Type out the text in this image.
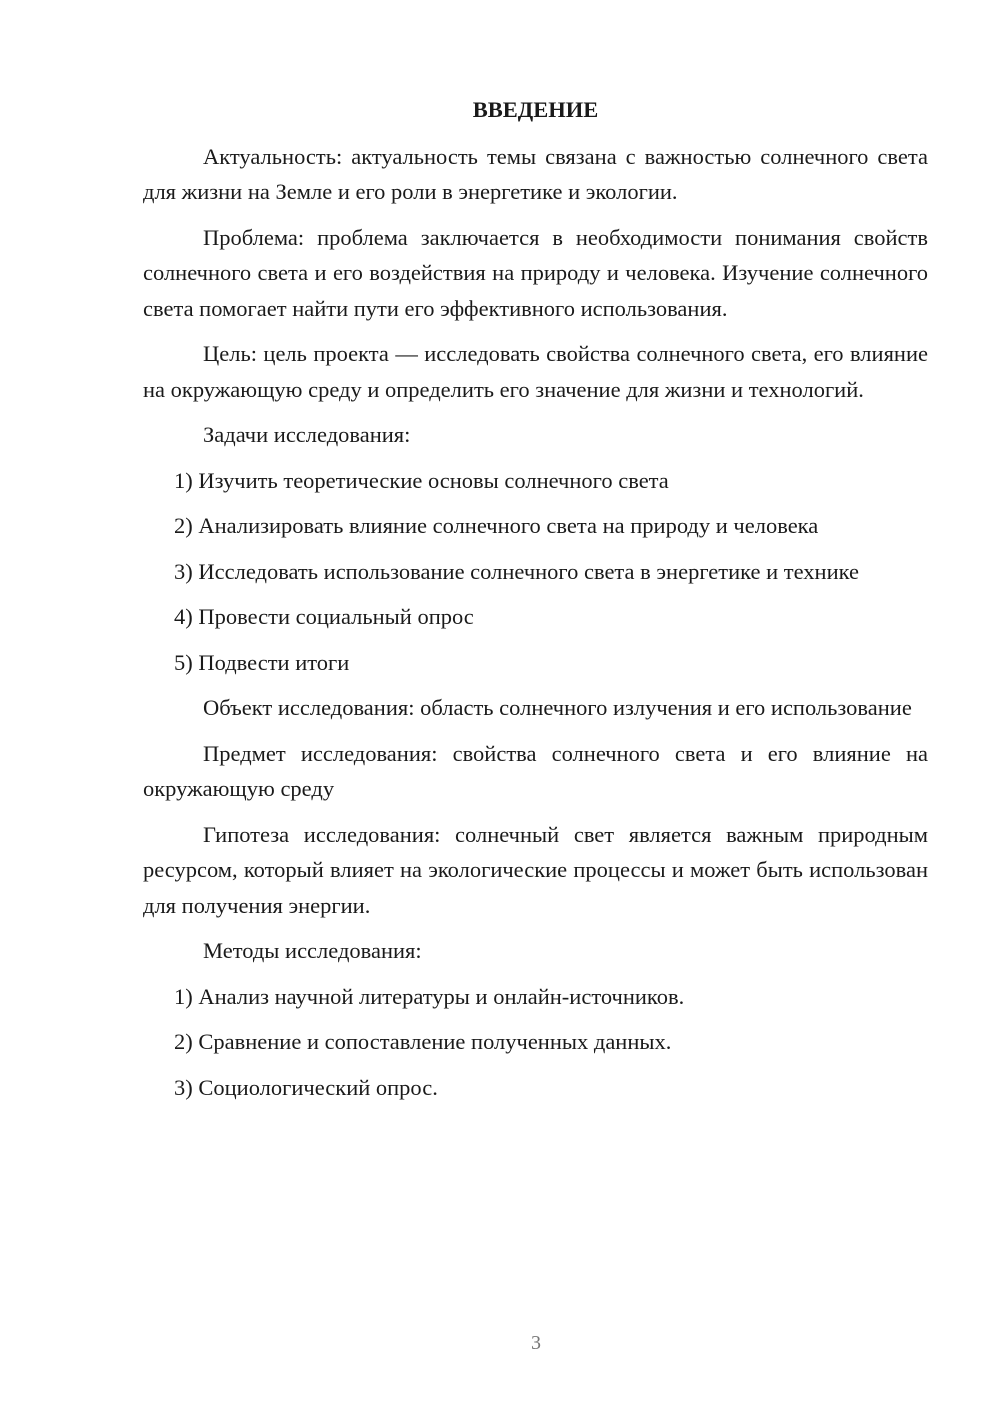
ВВЕДЕНИЕ

Актуальность: актуальность темы связана с важностью солнечного света для жизни на Земле и его роли в энергетике и экологии.

Проблема: проблема заключается в необходимости понимания свойств солнечного света и его воздействия на природу и человека. Изучение солнечного света помогает найти пути его эффективного использования.

Цель: цель проекта — исследовать свойства солнечного света, его влияние на окружающую среду и определить его значение для жизни и технологий.

Задачи исследования:

1) Изучить теоретические основы солнечного света

2) Анализировать влияние солнечного света на природу и человека

3) Исследовать использование солнечного света в энергетике и технике

4) Провести социальный опрос

5) Подвести итоги

Объект исследования: область солнечного излучения и его использование

Предмет исследования: свойства солнечного света и его влияние на окружающую среду

Гипотеза исследования: солнечный свет является важным природным ресурсом, который влияет на экологические процессы и может быть использован для получения энергии.

Методы исследования:

1) Анализ научной литературы и онлайн-источников.

2) Сравнение и сопоставление полученных данных.

3) Социологический опрос.

3
